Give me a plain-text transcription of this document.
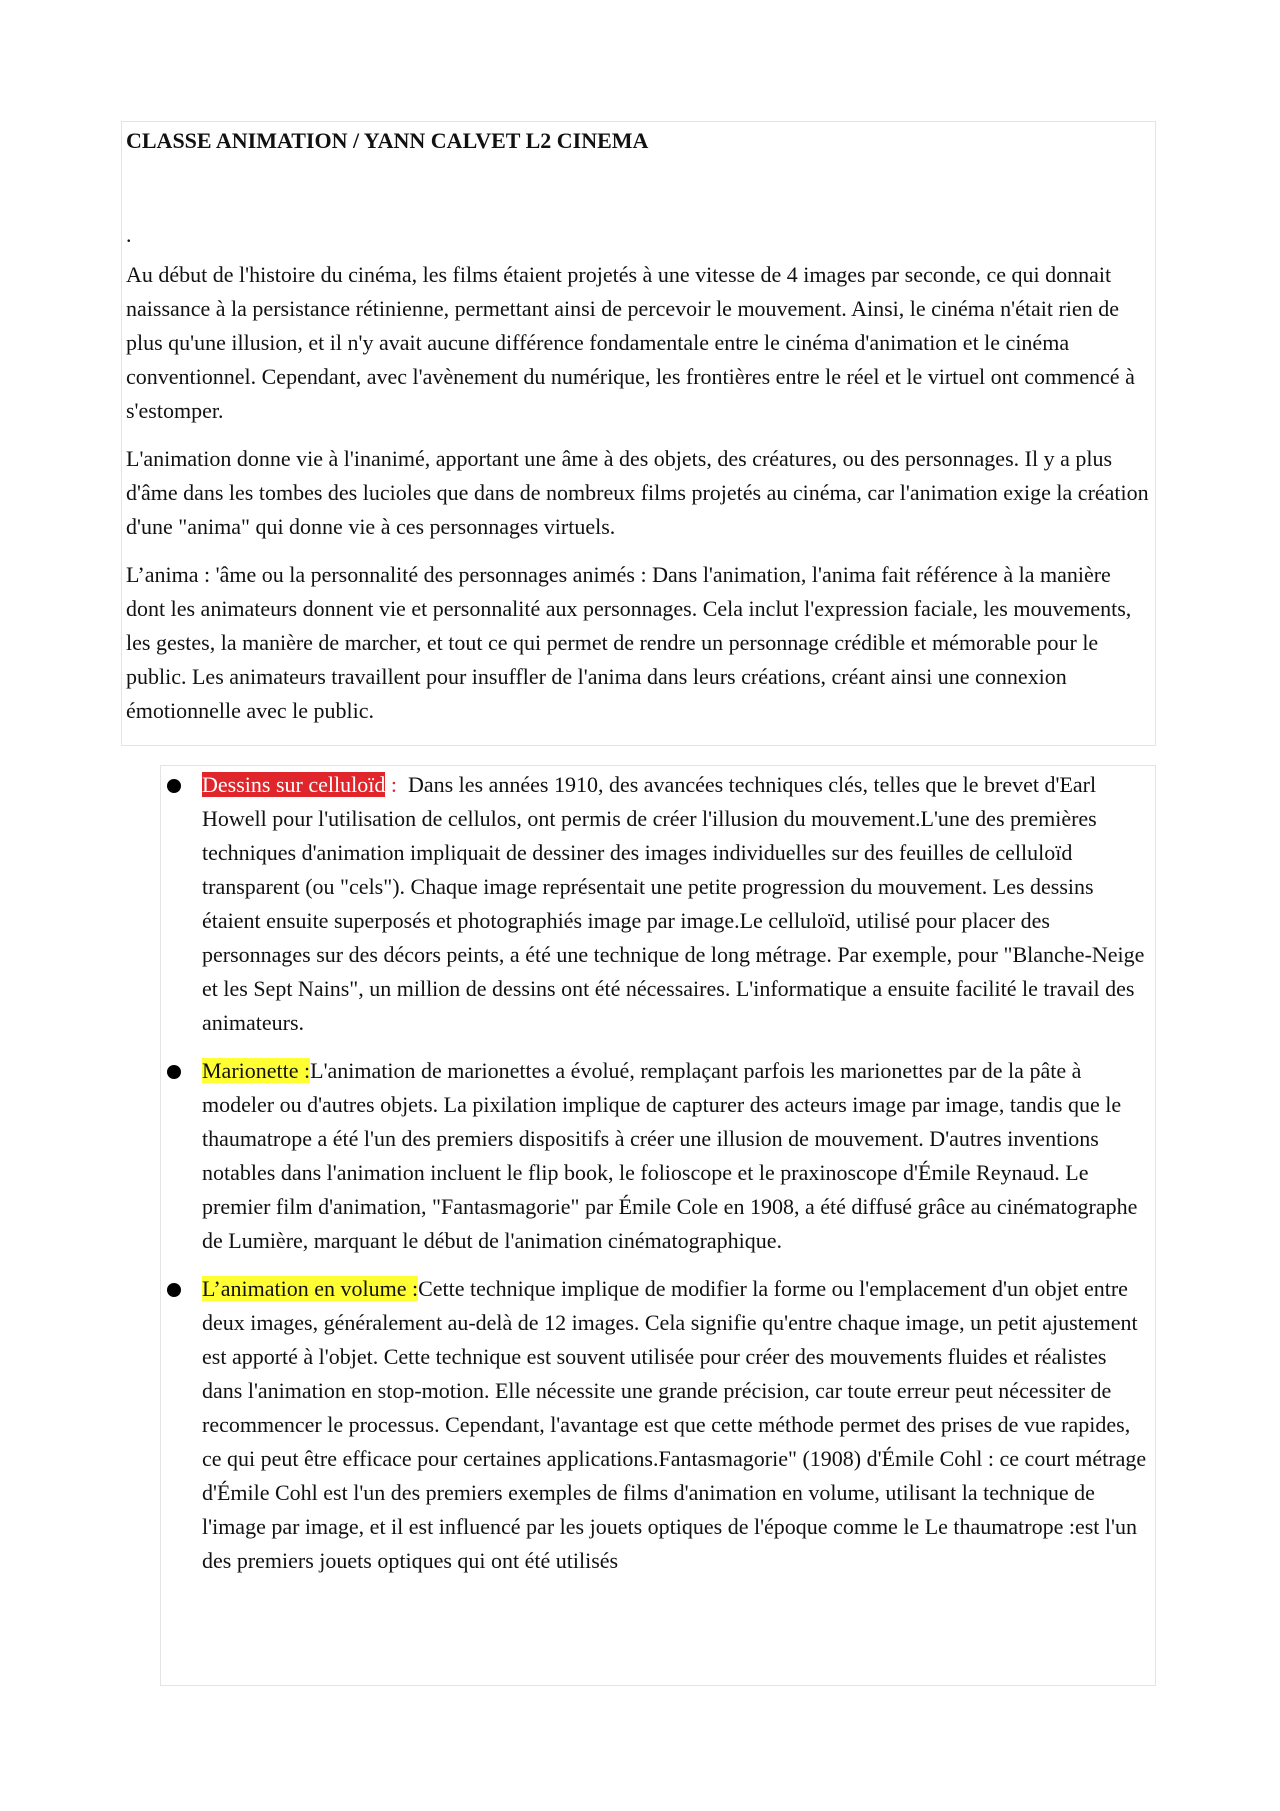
CLASSE ANIMATION / YANN CALVET L2 CINEMA

.

Au début de l'histoire du cinéma, les films étaient projetés à une vitesse de 4 images par seconde, ce qui donnait naissance à la persistance rétinienne, permettant ainsi de percevoir le mouvement. Ainsi, le cinéma n'était rien de plus qu'une illusion, et il n'y avait aucune différence fondamentale entre le cinéma d'animation et le cinéma conventionnel. Cependant, avec l'avènement du numérique, les frontières entre le réel et le virtuel ont commencé à s'estomper.

L'animation donne vie à l'inanimé, apportant une âme à des objets, des créatures, ou des personnages. Il y a plus d'âme dans les tombes des lucioles que dans de nombreux films projetés au cinéma, car l'animation exige la création d'une "anima" qui donne vie à ces personnages virtuels.

L’anima : 'âme ou la personnalité des personnages animés : Dans l'animation, l'anima fait référence à la manière dont les animateurs donnent vie et personnalité aux personnages. Cela inclut l'expression faciale, les mouvements, les gestes, la manière de marcher, et tout ce qui permet de rendre un personnage crédible et mémorable pour le public. Les animateurs travaillent pour insuffler de l'anima dans leurs créations, créant ainsi une connexion émotionnelle avec le public.

Dessins sur celluloïd :  Dans les années 1910, des avancées techniques clés, telles que le brevet d'Earl Howell pour l'utilisation de cellulos, ont permis de créer l'illusion du mouvement.L'une des premières techniques d'animation impliquait de dessiner des images individuelles sur des feuilles de celluloïd transparent (ou "cels"). Chaque image représentait une petite progression du mouvement. Les dessins étaient ensuite superposés et photographiés image par image.Le celluloïd, utilisé pour placer des personnages sur des décors peints, a été une technique de long métrage. Par exemple, pour "Blanche-Neige et les Sept Nains", un million de dessins ont été nécessaires. L'informatique a ensuite facilité le travail des animateurs.
Marionette :L'animation de marionettes a évolué, remplaçant parfois les marionettes par de la pâte à modeler ou d'autres objets. La pixilation implique de capturer des acteurs image par image, tandis que le thaumatrope a été l'un des premiers dispositifs à créer une illusion de mouvement. D'autres inventions notables dans l'animation incluent le flip book, le folioscope et le praxinoscope d'Émile Reynaud. Le premier film d'animation, "Fantasmagorie" par Émile Cole en 1908, a été diffusé grâce au cinématographe de Lumière, marquant le début de l'animation cinématographique.
L’animation en volume :Cette technique implique de modifier la forme ou l'emplacement d'un objet entre deux images, généralement au-delà de 12 images. Cela signifie qu'entre chaque image, un petit ajustement est apporté à l'objet. Cette technique est souvent utilisée pour créer des mouvements fluides et réalistes dans l'animation en stop-motion. Elle nécessite une grande précision, car toute erreur peut nécessiter de recommencer le processus. Cependant, l'avantage est que cette méthode permet des prises de vue rapides, ce qui peut être efficace pour certaines applications.Fantasmagorie" (1908) d'Émile Cohl : ce court métrage d'Émile Cohl est l'un des premiers exemples de films d'animation en volume, utilisant la technique de l'image par image, et il est influencé par les jouets optiques de l'époque comme le Le thaumatrope :est l'un des premiers jouets optiques qui ont été utilisés
